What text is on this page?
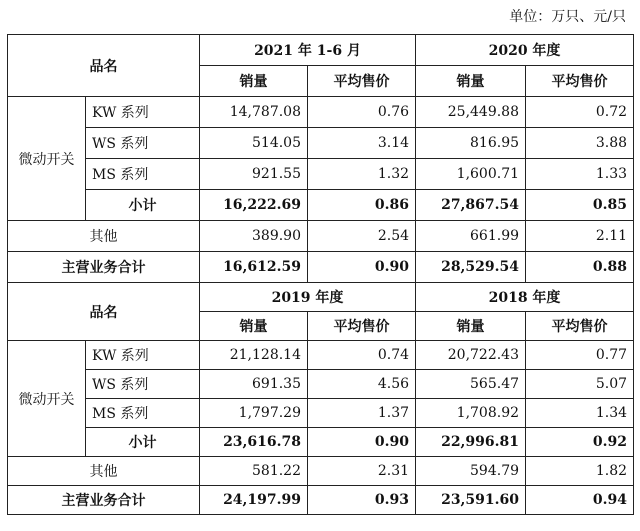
单位：万只、元/只
品名		2021 年 1-6 月		2020 年度	
		销量	平均售价	销量	平均售价
微动开关	KW 系列	14,787.08	0.76	25,449.88	0.72
	WS 系列	514.05	3.14	816.95	3.88
	MS 系列	921.55	1.32	1,600.71	1.33
	小计	16,222.69	0.86	27,867.54	0.85
其他		389.90	2.54	661.99	2.11
主营业务合计		16,612.59	0.90	28,529.54	0.88
品名		2019 年度		2018 年度	
		销量	平均售价	销量	平均售价
微动开关	KW 系列	21,128.14	0.74	20,722.43	0.77
	WS 系列	691.35	4.56	565.47	5.07
	MS 系列	1,797.29	1.37	1,708.92	1.34
	小计	23,616.78	0.90	22,996.81	0.92
其他		581.22	2.31	594.79	1.82
主营业务合计		24,197.99	0.93	23,591.60	0.94
